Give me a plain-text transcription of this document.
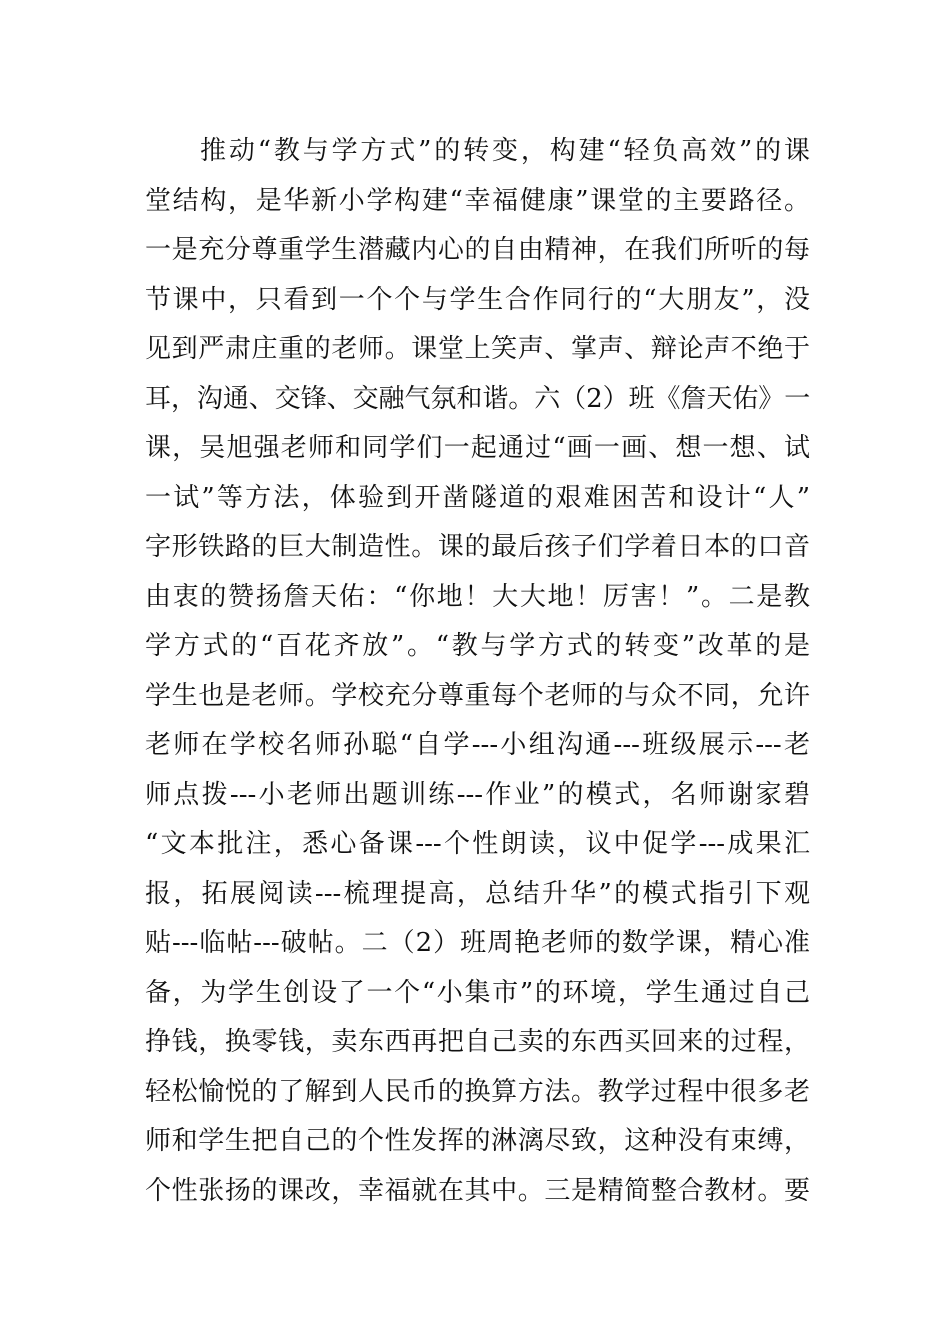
推动“教与学方式”的转变，构建“轻负高效”的课
堂结构，是华新小学构建“幸福健康”课堂的主要路径。
一是充分尊重学生潜藏内心的自由精神，在我们所听的每
节课中，只看到一个个与学生合作同行的“大朋友”，没
见到严肃庄重的老师。课堂上笑声、掌声、辩论声不绝于
耳，沟通、交锋、交融气氛和谐。六（2）班《詹天佑》一
课，吴旭强老师和同学们一起通过“画一画、想一想、试
一试”等方法，体验到开凿隧道的艰难困苦和设计“人”
字形铁路的巨大制造性。课的最后孩子们学着日本的口音
由衷的赞扬詹天佑：“你地！大大地！厉害！”。二是教
学方式的“百花齐放”。“教与学方式的转变”改革的是
学生也是老师。学校充分尊重每个老师的与众不同，允许
老师在学校名师孙聪“自学---小组沟通---班级展示---老
师点拨---小老师出题训练---作业”的模式，名师谢家碧
“文本批注，悉心备课---个性朗读，议中促学---成果汇
报，拓展阅读---梳理提高，总结升华”的模式指引下观
贴---临帖---破帖。二（2）班周艳老师的数学课，精心准
备，为学生创设了一个“小集市”的环境，学生通过自己
挣钱，换零钱，卖东西再把自己卖的东西买回来的过程，
轻松愉悦的了解到人民币的换算方法。教学过程中很多老
师和学生把自己的个性发挥的淋漓尽致，这种没有束缚，
个性张扬的课改，幸福就在其中。三是精简整合教材。要
